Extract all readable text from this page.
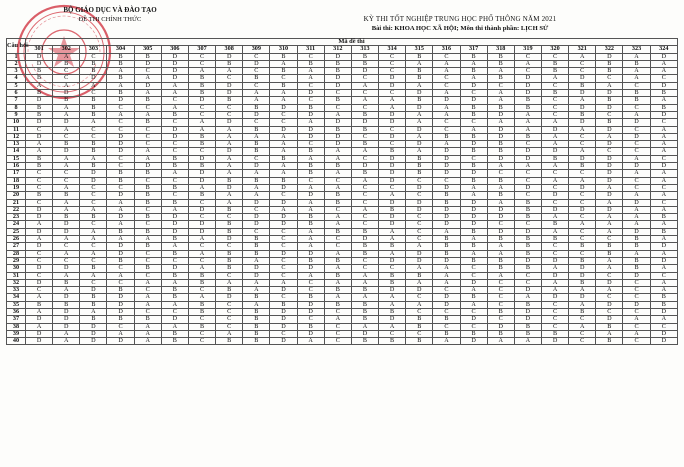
BỘ GIÁO DỤC VÀ ĐÀO TẠO
ĐỀ THI CHÍNH THỨC	KỲ THI TỐT NGHIỆP TRUNG HỌC PHỔ THÔNG NĂM 2021
Bài thi: KHOA HỌC XÃ HỘI; Môn thi thành phần: LỊCH SỬ
Câu hỏi	Mã đề thi																							
	301	302	303	304	305	306	307	308	309	310	311	312	313	314	315	316	317	318	319	320	321	322	323	324
1	D	A	C	B	B	D	C	D	C	B	C	D	B	C	B	C	B	B	C	C	A	D	A	D
2	D	B	B	B	D	D	C	B	D	A	B	B	B	C	A	A	A	B	A	B	C	B	B	A
3	B	C	B	A	C	D	A	A	C	B	A	B	D	C	B	A	B	A	C	B	C	B	A	A
4	B	C	D	B	A	D	B	C	B	C	A	D	C	D	B	C	A	B	D	A	D	C	A	C
5	A	A	A	A	D	A	B	D	C	B	C	D	A	D	A	C	D	C	D	C	B	A	C	D
6	B	D	C	B	A	A	B	D	A	A	D	C	C	C	D	A	C	A	D	B	D	D	B	B
7	D	B	B	D	B	C	D	B	A	A	C	B	A	A	B	D	D	A	B	C	A	B	B	A
8	B	A	B	C	C	A	C	C	B	D	B	C	C	A	D	A	B	B	B	C	D	D	C	B
9	B	A	B	A	A	B	C	C	D	C	D	A	B	D	A	A	B	D	A	C	B	C	A	D
10	D	D	A	C	B	C	A	D	C	C	A	D	D	D	A	C	C	A	A	A	D	B	D	C
11	C	A	C	C	C	D	A	A	B	D	D	B	B	C	D	C	A	D	A	D	A	D	C	A
12	D	C	C	D	C	D	B	A	A	A	D	D	C	D	A	B	B	D	B	A	C	A	D	A
13	A	B	B	D	C	C	B	A	B	A	C	D	B	C	D	A	D	B	C	A	C	D	C	A
14	A	D	B	D	A	C	C	D	B	A	B	A	A	B	A	D	B	B	D	D	A	C	C	A
15	B	A	A	C	A	B	D	A	C	B	A	A	C	D	B	D	C	D	D	B	D	D	A	C
16	B	A	B	C	D	B	B	A	D	A	B	B	D	D	B	D	B	A	A	A	B	D	D	D
17	C	C	D	B	B	A	D	A	A	A	B	A	B	D	B	D	D	C	C	C	C	D	A	A
18	C	C	D	B	C	C	D	B	B	B	C	C	A	D	C	C	B	B	C	A	A	D	C	A
19	C	A	C	C	B	B	A	D	A	D	A	A	C	C	D	D	A	A	D	C	D	A	C	C
20	B	B	C	D	B	C	B	A	A	C	D	B	C	A	C	B	A	B	C	D	C	D	A	A
21	C	A	C	A	B	B	C	A	D	D	A	B	C	D	D	B	D	A	B	C	C	A	D	C
22	D	A	A	A	C	A	D	B	C	A	A	C	A	B	D	D	D	D	B	D	D	D	A	A
23	D	B	B	D	B	D	C	C	D	D	B	A	C	D	C	D	D	D	B	A	C	A	A	B
24	A	D	C	A	C	D	D	B	D	D	B	A	C	D	C	D	D	C	C	B	A	A	A	A
25	D	D	A	B	B	D	D	B	C	C	A	B	B	A	C	A	B	D	D	A	C	A	D	B
26	A	A	A	A	A	B	A	D	B	C	A	C	D	A	C	B	A	B	B	B	C	C	B	A
27	D	C	C	D	B	A	C	C	B	C	A	C	B	B	A	B	B	A	B	C	B	B	B	D
28	C	A	A	D	C	B	A	B	B	D	D	A	B	A	D	B	A	A	B	C	C	B	A	A
29	C	C	C	B	C	C	C	B	A	C	B	B	C	D	D	D	B	B	D	D	B	A	B	D
30	D	D	B	C	B	D	A	B	D	C	D	A	C	C	A	A	C	B	B	A	D	A	B	A
31	C	A	A	A	C	B	B	C	D	C	A	B	A	B	B	A	C	A	C	D	D	C	D	C
32	D	B	C	C	A	A	B	A	A	A	C	A	A	B	A	A	D	C	C	A	B	D	C	A
33	C	A	D	B	C	B	C	B	A	D	C	B	B	D	D	C	A	C	D	A	A	A	C	A
34	A	D	B	D	A	B	A	D	B	C	B	A	A	A	C	D	B	C	A	D	D	C	C	B
35	B	B	B	D	A	A	B	C	A	B	D	B	B	A	A	D	A	C	B	C	A	D	D	B
36	A	D	A	D	C	C	B	C	B	D	D	C	B	B	C	C	C	B	D	C	B	C	C	D
37	D	D	B	B	B	D	C	C	B	D	C	A	B	D	B	B	D	C	D	C	C	D	A	A
38	A	D	D	C	A	A	B	C	B	D	B	C	A	A	B	C	C	D	B	C	A	B	C	C
39	D	A	D	A	A	B	C	A	B	C	D	C	D	C	C	B	B	B	B	B	C	A	A	D
40	D	A	D	D	A	B	C	B	B	D	A	C	B	B	B	A	D	A	A	D	C	B	C	D
